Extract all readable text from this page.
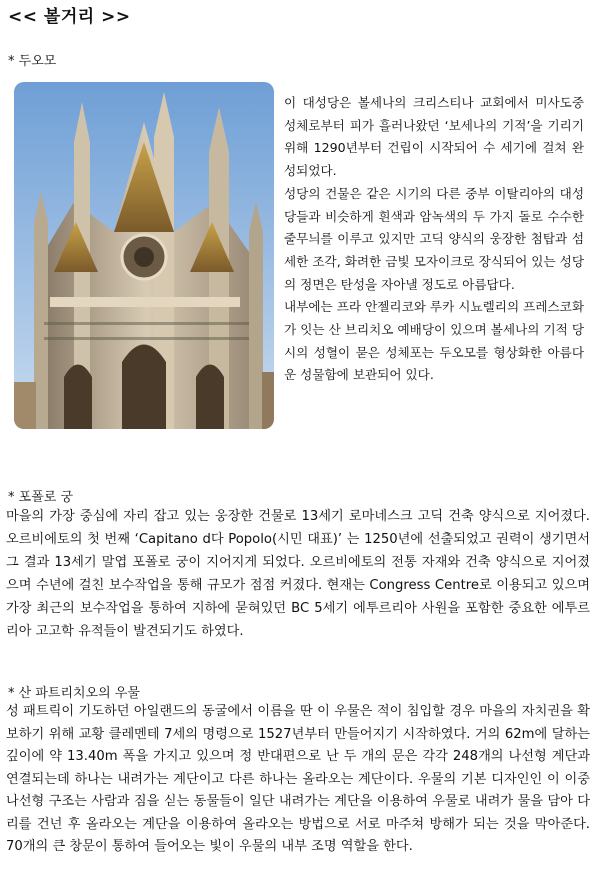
<< 볼거리 >>
* 두오모
이 대성당은 볼세나의 크리스티나 교회에서 미사도중 성체로부터 피가 흘러나왔던 ‘보세나의 기적’을 기리기 위해 1290년부터 건립이 시작되어 수 세기에 걸쳐 완성되었다.
성당의 건물은 같은 시기의 다른 중부 이탈리아의 대성당들과 비슷하게 흰색과 암녹색의 두 가지 돌로 수수한 줄무늬를 이루고 있지만 고딕 양식의 웅장한 첨탑과 섬세한 조각, 화려한 금빛 모자이크로 장식되어 있는 성당의 정면은 탄성을 자아낼 정도로 아름답다.
내부에는 프라 안젤리코와 루카 시뇨렐리의 프레스코화가 잇는 산 브리치오 예배당이 있으며 볼세나의 기적 당시의 성혈이 묻은 성체포는 두오모를 형상화한 아름다운 성물함에 보관되어 있다.
* 포폴로 궁
마을의 가장 중심에 자리 잡고 있는 웅장한 건물로 13세기 로마네스크 고딕 건축 양식으로 지어졌다. 오르비에토의 첫 번째 ‘Capitano d다 Popolo(시민 대표)’ 는 1250년에 선출되었고 권력이 생기면서 그 결과 13세기 말엽 포폴로 궁이 지어지게 되었다. 오르비에토의 전통 자재와 건축 양식으로 지어졌으며 수년에 걸친 보수작업을 통해 규모가 점점 커졌다. 현재는 Congress Centre로 이용되고 있으며 가장 최근의 보수작업을 통하여 지하에 묻혀있던 BC 5세기 에투르리아 사원을 포함한 중요한 에투르리아 고고학 유적들이 발견되기도 하였다.
* 산 파트리치오의 우물
성 패트릭이 기도하던 아일랜드의 동굴에서 이름을 딴 이 우물은 적이 침입할 경우 마을의 자치권을 확보하기 위해 교황 클레멘테 7세의 명령으로 1527년부터 만들어지기 시작하였다. 거의 62m에 달하는 깊이에 약 13.40m 폭을 가지고 있으며 정 반대편으로 난 두 개의 문은 각각 248개의 나선형 계단과 연결되는데 하나는 내려가는 계단이고 다른 하나는 올라오는 계단이다. 우물의 기본 디자인인 이 이중 나선형 구조는 사람과 짐을 싣는 동물들이 일단 내려가는 계단을 이용하여 우물로 내려가 물을 담아 다리를 건넌 후 올라오는 계단을 이용하여 올라오는 방법으로 서로 마주쳐 방해가 되는 것을 막아준다. 70개의 큰 창문이 통하여 들어오는 빛이 우물의 내부 조명 역할을 한다.
